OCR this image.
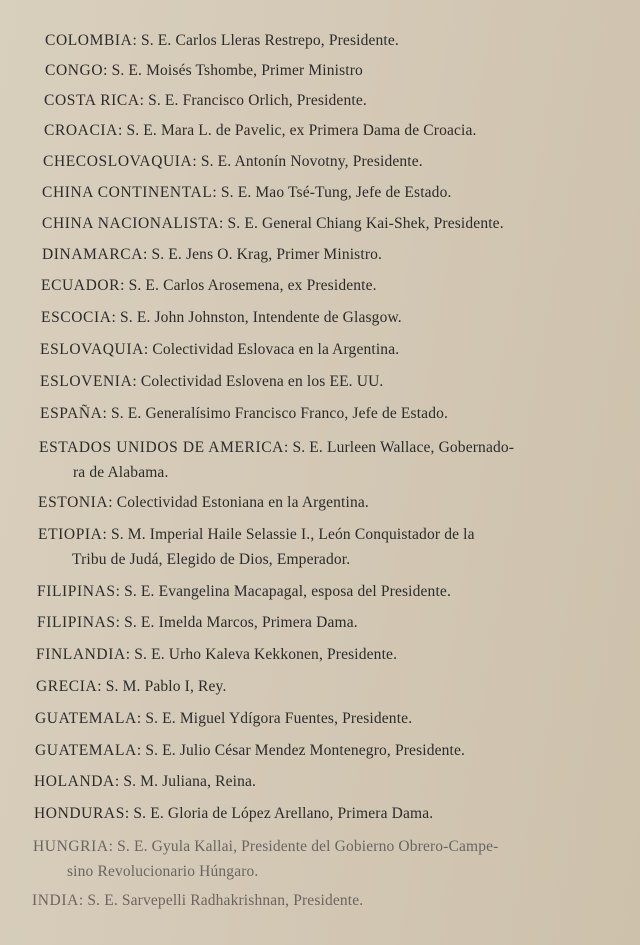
COLOMBIA: S. E. Carlos Lleras Restrepo, Presidente.
CONGO: S. E. Moisés Tshombe, Primer Ministro
COSTA RICA: S. E. Francisco Orlich, Presidente.
CROACIA: S. E. Mara L. de Pavelic, ex Primera Dama de Croacia.
CHECOSLOVAQUIA: S. E. Antonín Novotny, Presidente.
CHINA CONTINENTAL: S. E. Mao Tsé-Tung, Jefe de Estado.
CHINA NACIONALISTA: S. E. General Chiang Kai-Shek, Presidente.
DINAMARCA: S. E. Jens O. Krag, Primer Ministro.
ECUADOR: S. E. Carlos Arosemena, ex Presidente.
ESCOCIA: S. E. John Johnston, Intendente de Glasgow.
ESLOVAQUIA: Colectividad Eslovaca en la Argentina.
ESLOVENIA: Colectividad Eslovena en los EE. UU.
ESPAÑA: S. E. Generalísimo Francisco Franco, Jefe de Estado.
ESTADOS UNIDOS DE AMERICA: S. E. Lurleen Wallace, Gobernado-
ra de Alabama.
ESTONIA: Colectividad Estoniana en la Argentina.
ETIOPIA: S. M. Imperial Haile Selassie I., León Conquistador de la
Tribu de Judá, Elegido de Dios, Emperador.
FILIPINAS: S. E. Evangelina Macapagal, esposa del Presidente.
FILIPINAS: S. E. Imelda Marcos, Primera Dama.
FINLANDIA: S. E. Urho Kaleva Kekkonen, Presidente.
GRECIA: S. M. Pablo I, Rey.
GUATEMALA: S. E. Miguel Ydígora Fuentes, Presidente.
GUATEMALA: S. E. Julio César Mendez Montenegro, Presidente.
HOLANDA: S. M. Juliana, Reina.
HONDURAS: S. E. Gloria de López Arellano, Primera Dama.
HUNGRIA: S. E. Gyula Kallai, Presidente del Gobierno Obrero-Campe-
sino Revolucionario Húngaro.
INDIA: S. E. Sarvepelli Radhakrishnan, Presidente.
